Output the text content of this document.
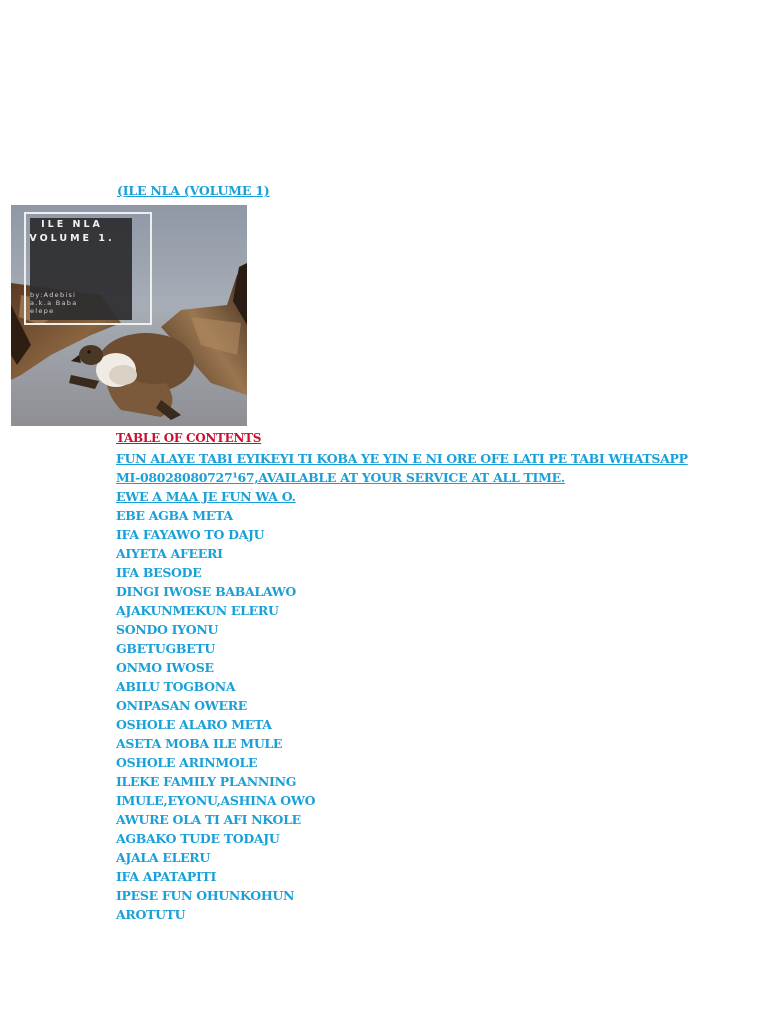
(ILE NLA (VOLUME 1)
ILE NLA
VOLUME 1.
by:Adebisi
a.k.a Baba
elepe
TABLE OF CONTENTS
FUN ALAYE TABI EYIKEYI TI KOBA YE YIN E NI ORE OFE LATI PE TABI WHATSAPP
MI-08028080727¹67,AVAILABLE AT YOUR SERVICE AT ALL TIME.
EWE A MAA JE FUN WA O.
EBE AGBA META
IFA FAYAWO TO DAJU
AIYETA AFEERI
IFA BESODE
DINGI IWOSE BABALAWO
AJAKUNMEKUN ELERU
SONDO IYONU
GBETUGBETU
ONMO IWOSE
ABILU TOGBONA
ONIPASAN OWERE
OSHOLE ALARO META
ASETA MOBA ILE MULE
OSHOLE ARINMOLE
ILEKE FAMILY PLANNING
IMULE,EYONU,ASHINA OWO
AWURE OLA TI AFI NKOLE
AGBAKO TUDE TODAJU
AJALA ELERU
IFA APATAPITI
IPESE FUN OHUNKOHUN
AROTUTU
